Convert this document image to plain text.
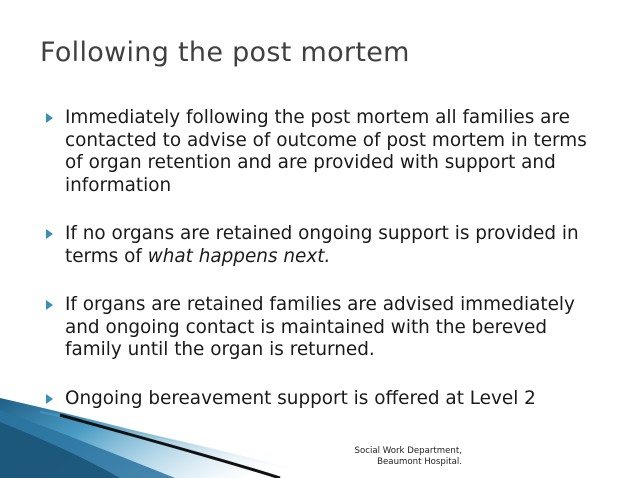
Following the post mortem
Immediately following the post mortem all families are contacted to advise of outcome of post mortem in terms of organ retention and are provided with support and information
If no organs are retained ongoing support is provided in terms of what happens next.
If organs are retained families are advised immediately and ongoing contact is maintained with the bereved family until the organ is returned.
Ongoing bereavement support is offered at Level 2
Social Work Department,
Beaumont Hospital.
